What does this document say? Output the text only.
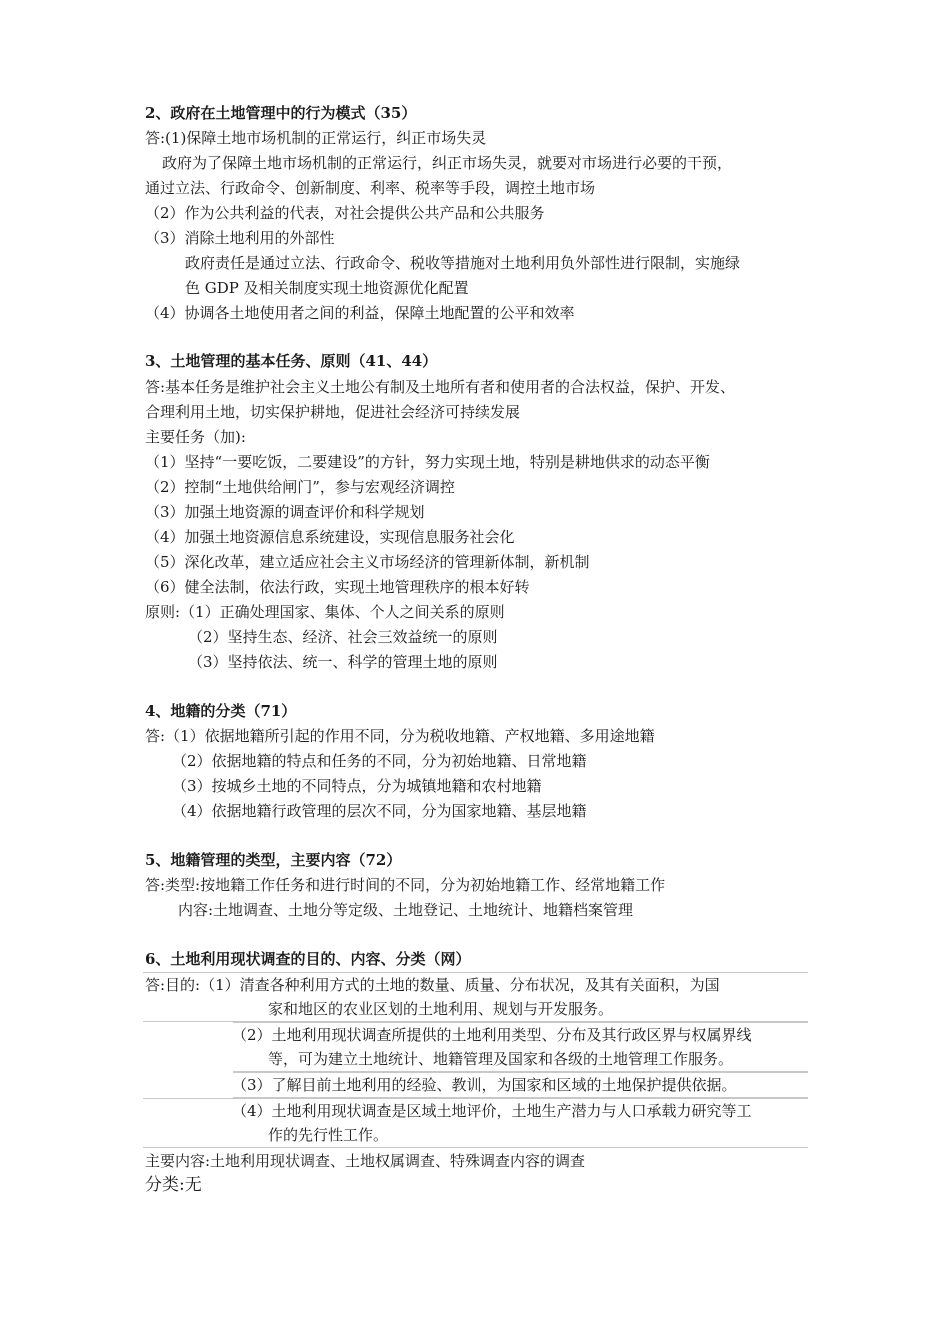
2、政府在土地管理中的行为模式（35）
答:(1)保障土地市场机制的正常运行，纠正市场失灵
政府为了保障土地市场机制的正常运行，纠正市场失灵，就要对市场进行必要的干预，
通过立法、行政命令、创新制度、利率、税率等手段，调控土地市场
（2）作为公共利益的代表，对社会提供公共产品和公共服务
（3）消除土地利用的外部性
政府责任是通过立法、行政命令、税收等措施对土地利用负外部性进行限制，实施绿
色 GDP 及相关制度实现土地资源优化配置
（4）协调各土地使用者之间的利益，保障土地配置的公平和效率
3、土地管理的基本任务、原则（41、44）
答:基本任务是维护社会主义土地公有制及土地所有者和使用者的合法权益，保护、开发、
合理利用土地，切实保护耕地，促进社会经济可持续发展
主要任务（加):
（1）坚持“一要吃饭，二要建设”的方针，努力实现土地，特别是耕地供求的动态平衡
（2）控制“土地供给闸门”，参与宏观经济调控
（3）加强土地资源的调查评价和科学规划
（4）加强土地资源信息系统建设，实现信息服务社会化
（5）深化改革，建立适应社会主义市场经济的管理新体制，新机制
（6）健全法制，依法行政，实现土地管理秩序的根本好转
原则:（1）正确处理国家、集体、个人之间关系的原则
（2）坚持生态、经济、社会三效益统一的原则
（3）坚持依法、统一、科学的管理土地的原则
4、地籍的分类（71）
答:（1）依据地籍所引起的作用不同，分为税收地籍、产权地籍、多用途地籍
（2）依据地籍的特点和任务的不同，分为初始地籍、日常地籍
（3）按城乡土地的不同特点，分为城镇地籍和农村地籍
（4）依据地籍行政管理的层次不同，分为国家地籍、基层地籍
5、地籍管理的类型，主要内容（72）
答:类型:按地籍工作任务和进行时间的不同，分为初始地籍工作、经常地籍工作
内容:土地调查、土地分等定级、土地登记、土地统计、地籍档案管理
6、土地利用现状调查的目的、内容、分类（网）
答:目的:（1）清查各种利用方式的土地的数量、质量、分布状况，及其有关面积，为国
家和地区的农业区划的土地利用、规划与开发服务。
（2）土地利用现状调查所提供的土地利用类型、分布及其行政区界与权属界线
等，可为建立土地统计、地籍管理及国家和各级的土地管理工作服务。
（3）了解目前土地利用的经验、教训，为国家和区域的土地保护提供依据。
（4）土地利用现状调查是区域土地评价，土地生产潜力与人口承载力研究等工
作的先行性工作。
主要内容:土地利用现状调查、土地权属调查、特殊调查内容的调查
分类:无
